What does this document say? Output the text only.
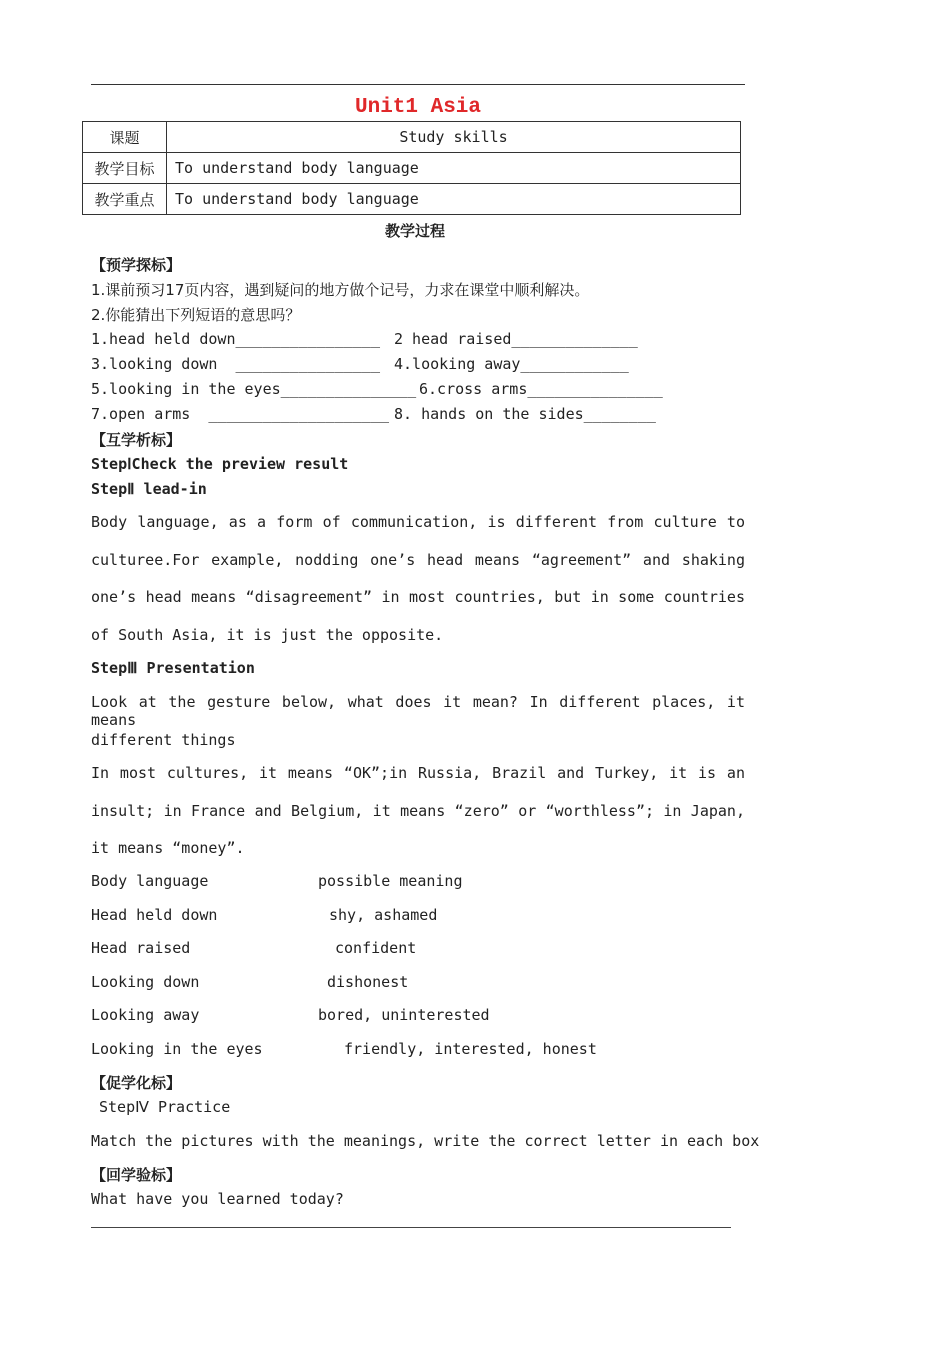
Unit1 Asia
课题	Study skills
教学目标	To understand body language
教学重点	To understand body language
教学过程
【预学探标】
1.课前预习17页内容，遇到疑问的地方做个记号，力求在课堂中顺利解决。
2.你能猜出下列短语的意思吗？
1.head held down________________ 2 head raised______________
3.looking down  ________________ 4.looking away____________
5.looking in the eyes_______________ 6.cross arms_______________
7.open arms  ____________________ 8. hands on the sides________
【互学析标】
StepⅠCheck the preview result
StepⅡ lead-in
Body language, as a form of communication, is different from culture to
culturee.For example, nodding one’s head means “agreement” and shaking
one’s head means “disagreement” in most countries, but in some countries
of South Asia, it is just the opposite.
StepⅢ Presentation
Look at the gesture below, what does it mean? In different places, it means
different things
In most cultures, it means “OK”;in Russia, Brazil and Turkey, it is an
insult; in France and Belgium, it means “zero” or “worthless”; in Japan,
it means “money”.
Body language	possible meaning
Head held down	shy, ashamed
Head raised	confident
Looking down	dishonest
Looking away	bored, uninterested
Looking in the eyes	friendly, interested, honest
【促学化标】
StepⅣ Practice
Match the pictures with the meanings, write the correct letter in each box
【回学验标】
What have you learned today?
